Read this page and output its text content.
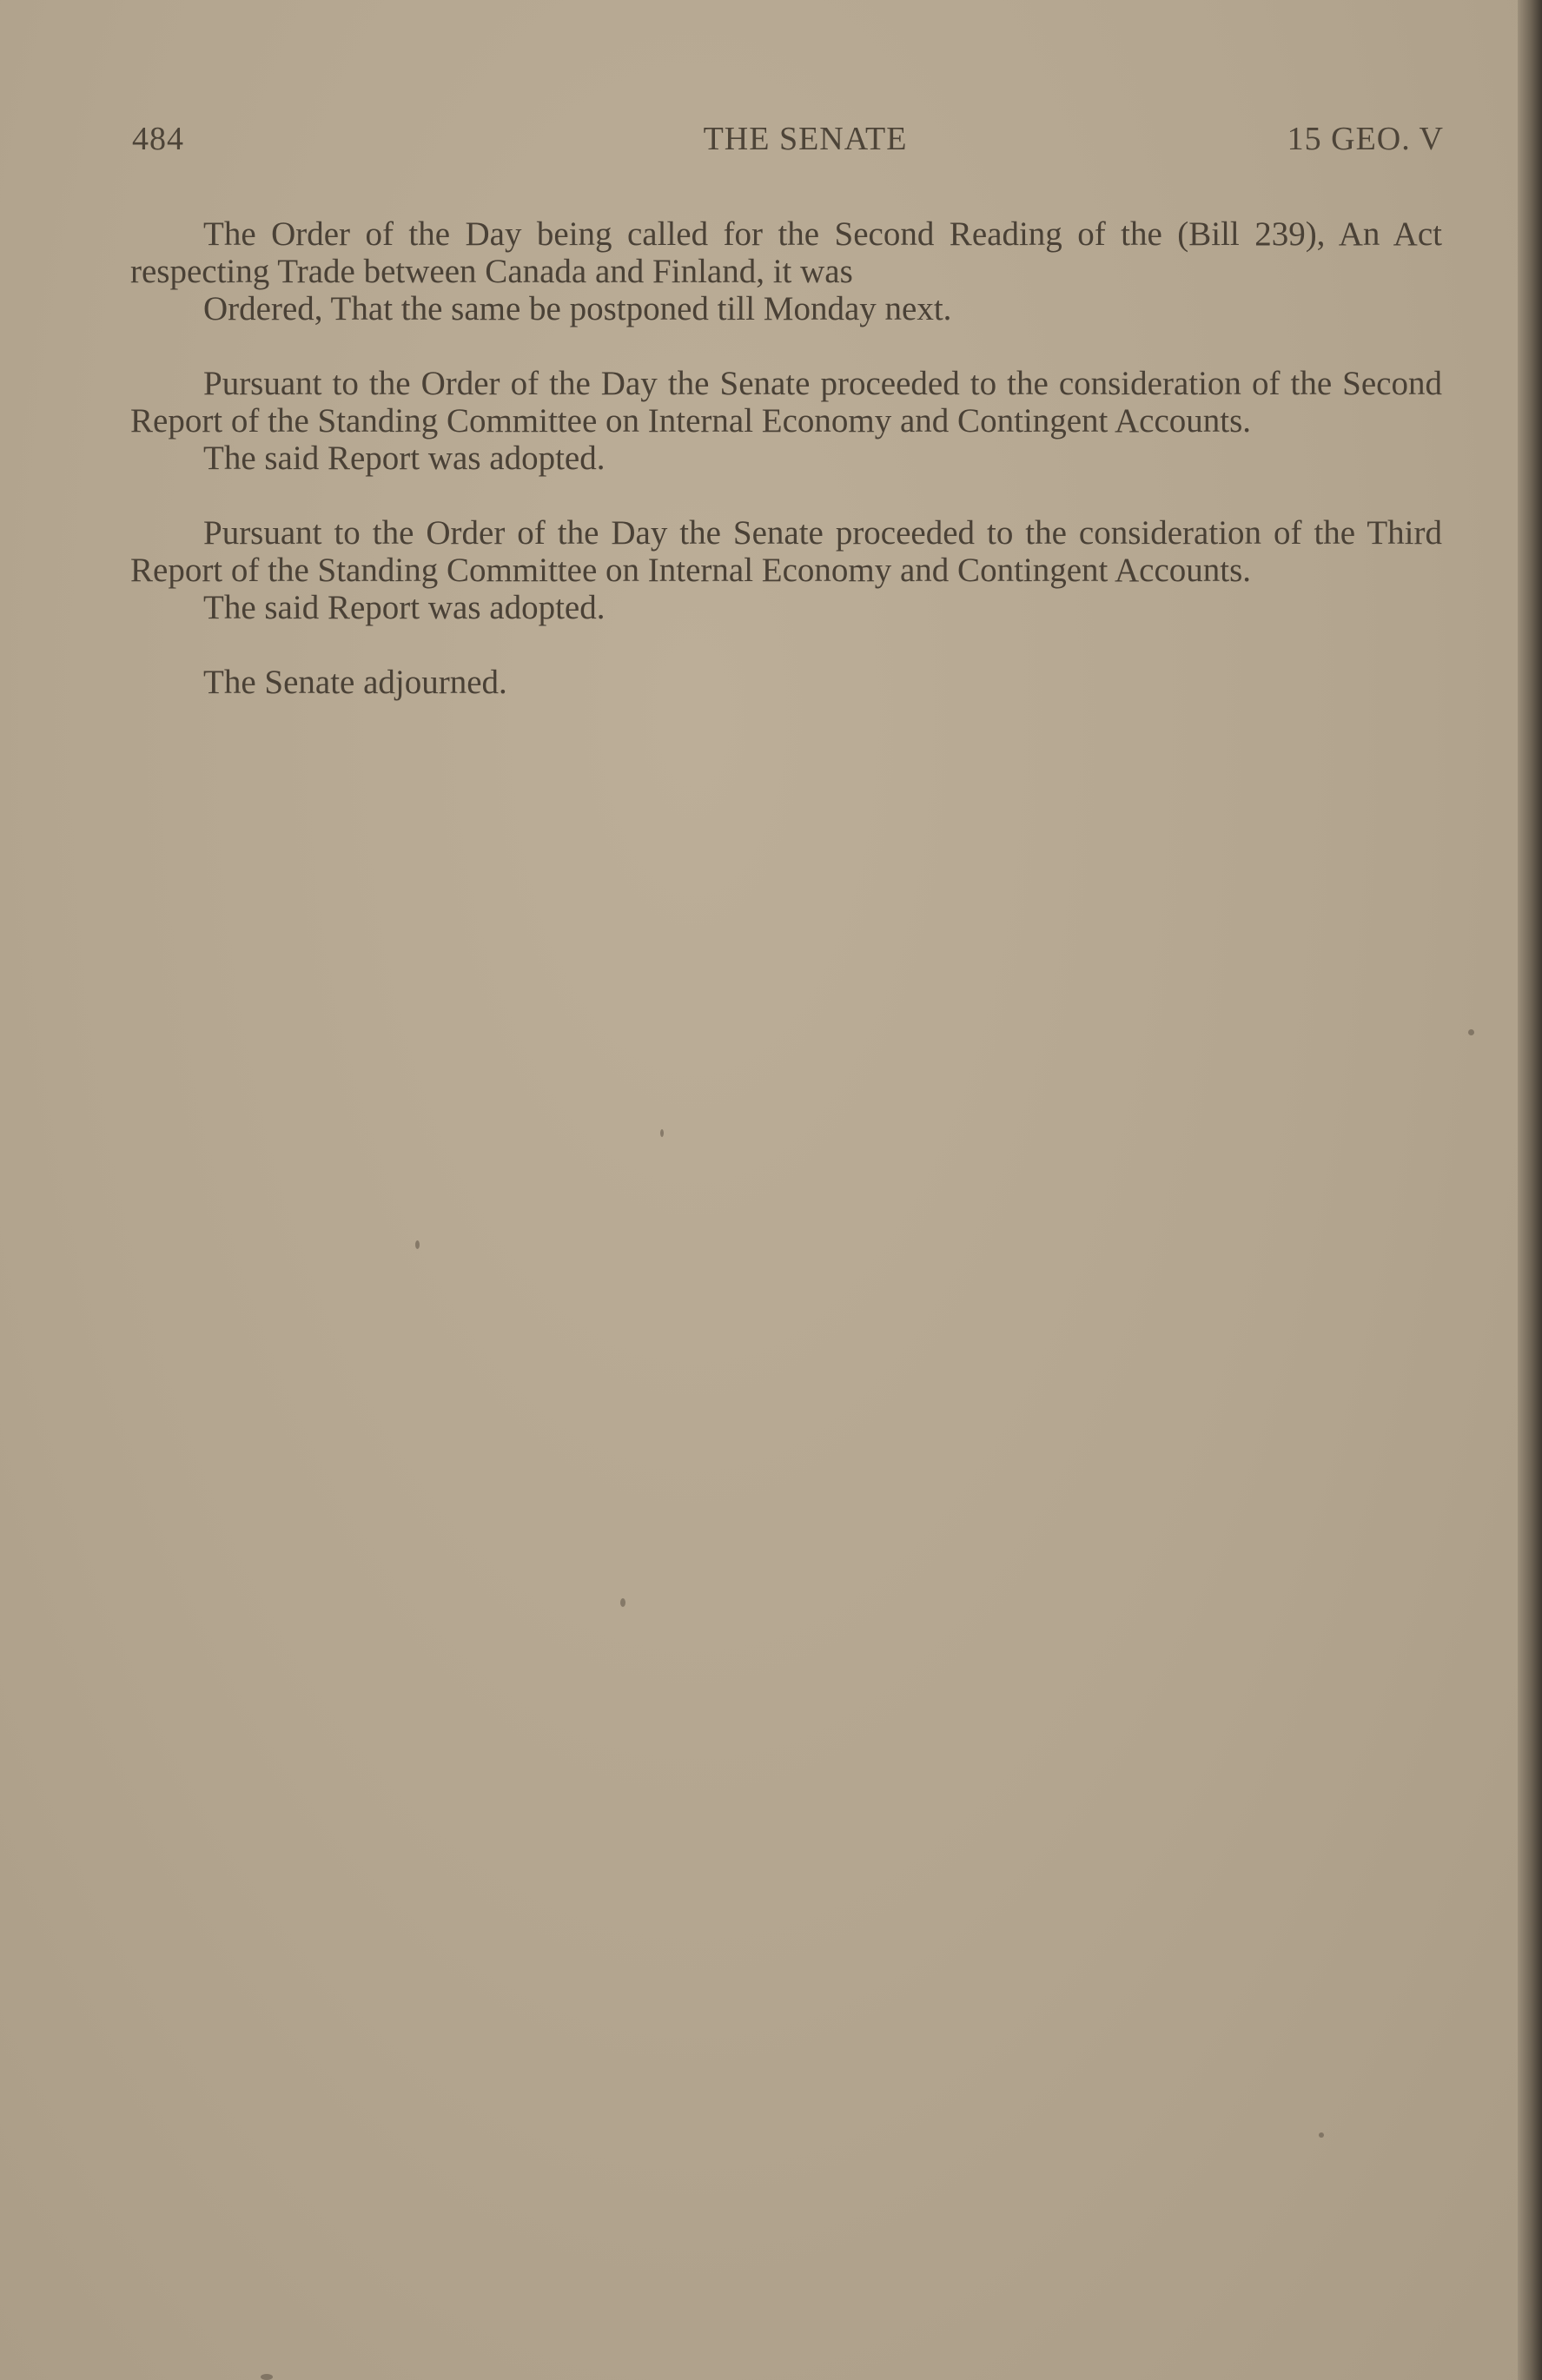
484	THE SENATE	15 GEO. V

The Order of the Day being called for the Second Reading of the (Bill 239), An Act respecting Trade between Canada and Finland, it was

Ordered, That the same be postponed till Monday next.

Pursuant to the Order of the Day the Senate proceeded to the consideration of the Second Report of the Standing Committee on Internal Economy and Contingent Accounts.

The said Report was adopted.

Pursuant to the Order of the Day the Senate proceeded to the consideration of the Third Report of the Standing Committee on Internal Economy and Contingent Accounts.

The said Report was adopted.

The Senate adjourned.
